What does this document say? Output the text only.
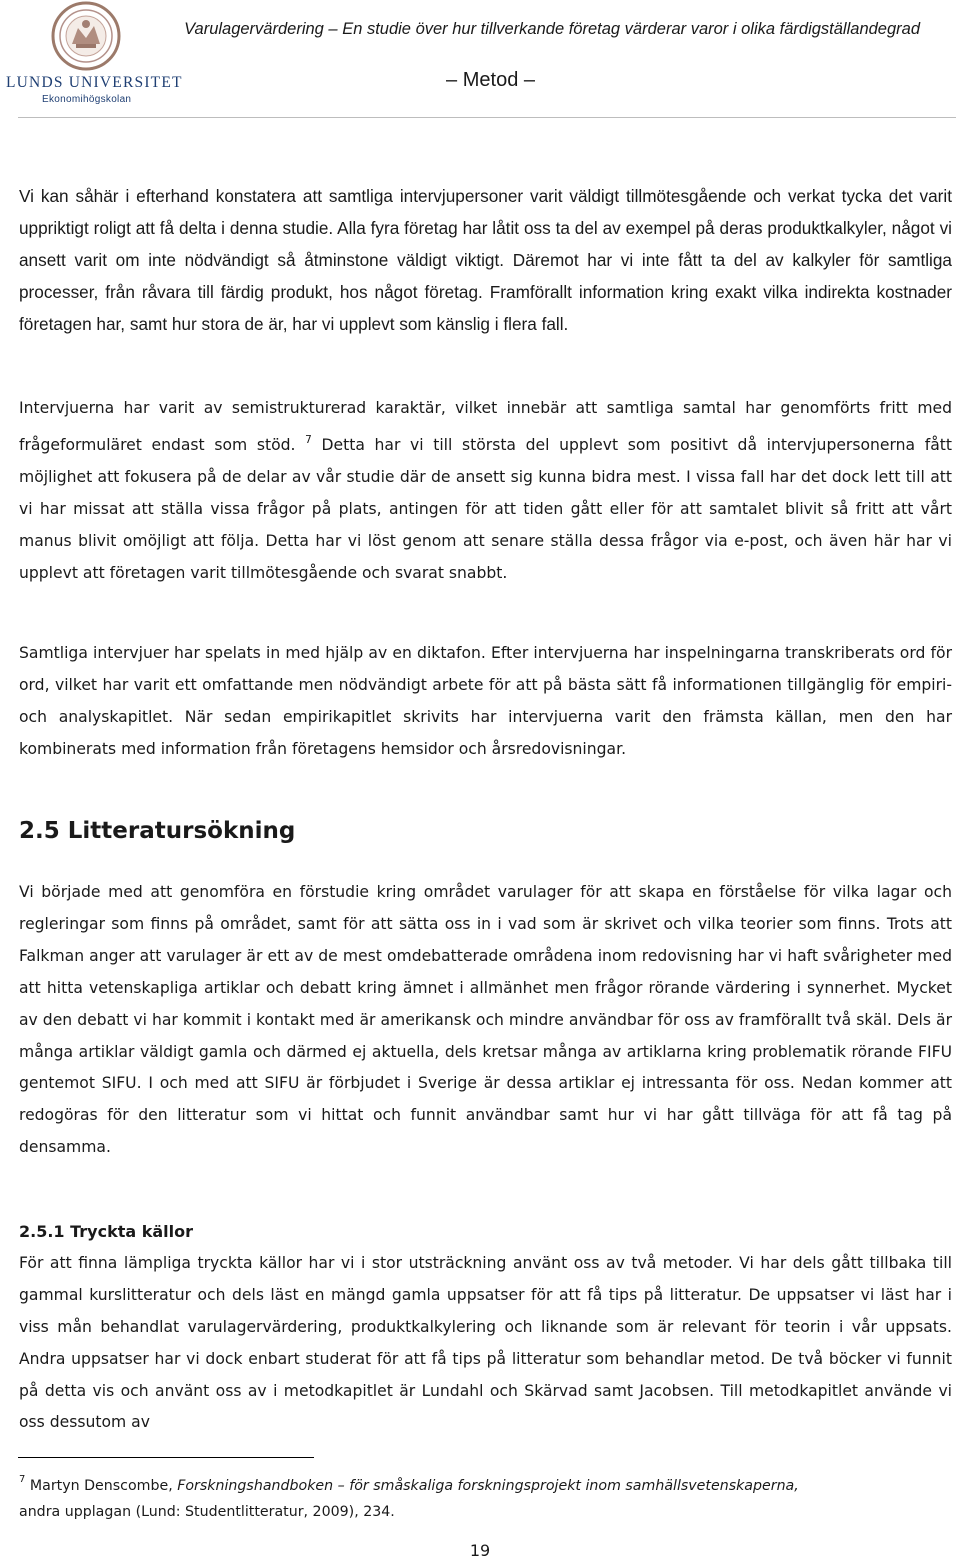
LUNDS UNIVERSITET
Ekonomihögskolan
Varulagervärdering – En studie över hur tillverkande företag värderar varor i olika färdigställandegrad
– Metod –

Vi kan såhär i efterhand konstatera att samtliga intervjupersoner varit väldigt tillmötesgående och verkat tycka det varit uppriktigt roligt att få delta i denna studie. Alla fyra företag har låtit oss ta del av exempel på deras produktkalkyler, något vi ansett varit om inte nödvändigt så åtminstone väldigt viktigt. Däremot har vi inte fått ta del av kalkyler för samtliga processer, från råvara till färdig produkt, hos något företag. Framförallt information kring exakt vilka indirekta kostnader företagen har, samt hur stora de är, har vi upplevt som känslig i flera fall.

Intervjuerna har varit av semistrukturerad karaktär, vilket innebär att samtliga samtal har genomförts fritt med frågeformuläret endast som stöd. $^7$ Detta har vi till största del upplevt som positivt då intervjupersonerna fått möjlighet att fokusera på de delar av vår studie där de ansett sig kunna bidra mest. I vissa fall har det dock lett till att vi har missat att ställa vissa frågor på plats, antingen för att tiden gått eller för att samtalet blivit så fritt att vårt manus blivit omöjligt att följa. Detta har vi löst genom att senare ställa dessa frågor via e-post, och även här har vi upplevt att företagen varit tillmötesgående och svarat snabbt.

Samtliga intervjuer har spelats in med hjälp av en diktafon. Efter intervjuerna har inspelningarna transkriberats ord för ord, vilket har varit ett omfattande men nödvändigt arbete för att på bästa sätt få informationen tillgänglig för empiri- och analyskapitlet. När sedan empirikapitlet skrivits har intervjuerna varit den främsta källan, men den har kombinerats med information från företagens hemsidor och årsredovisningar.

2.5 Litteratursökning

Vi började med att genomföra en förstudie kring området varulager för att skapa en förståelse för vilka lagar och regleringar som finns på området, samt för att sätta oss in i vad som är skrivet och vilka teorier som finns. Trots att Falkman anger att varulager är ett av de mest omdebatterade områdena inom redovisning har vi haft svårigheter med att hitta vetenskapliga artiklar och debatt kring ämnet i allmänhet men frågor rörande värdering i synnerhet. Mycket av den debatt vi har kommit i kontakt med är amerikansk och mindre användbar för oss av framförallt två skäl. Dels är många artiklar väldigt gamla och därmed ej aktuella, dels kretsar många av artiklarna kring problematik rörande FIFU gentemot SIFU. I och med att SIFU är förbjudet i Sverige är dessa artiklar ej intressanta för oss. Nedan kommer att redogöras för den litteratur som vi hittat och funnit användbar samt hur vi har gått tillväga för att få tag på densamma.

2.5.1 Tryckta källor

För att finna lämpliga tryckta källor har vi i stor utsträckning använt oss av två metoder. Vi har dels gått tillbaka till gammal kurslitteratur och dels läst en mängd gamla uppsatser för att få tips på litteratur. De uppsatser vi läst har i viss mån behandlat varulagervärdering, produktkalkylering och liknande som är relevant för teorin i vår uppsats. Andra uppsatser har vi dock enbart studerat för att få tips på litteratur som behandlar metod. De två böcker vi funnit på detta vis och använt oss av i metodkapitlet är Lundahl och Skärvad samt Jacobsen. Till metodkapitlet använde vi oss dessutom av

$^7$ Martyn Denscombe, Forskningshandboken – för småskaliga forskningsprojekt inom samhällsvetenskaperna,
andra upplagan (Lund: Studentlitteratur, 2009), 234.
19
